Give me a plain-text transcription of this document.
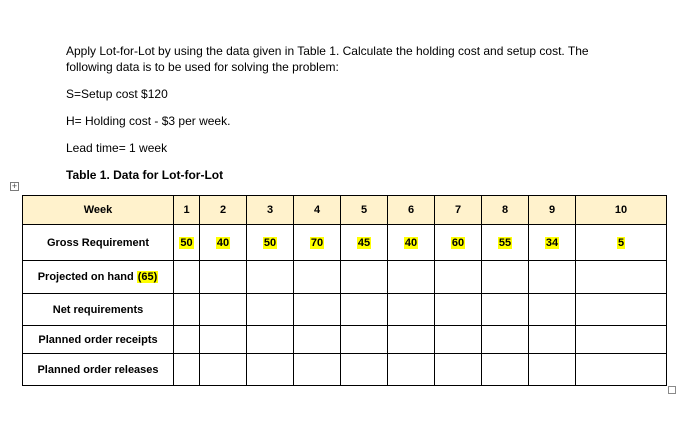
Apply Lot-for-Lot by using the data given in Table 1. Calculate the holding cost and setup cost. The following data is to be used for solving the problem:

S=Setup cost $120

H= Holding cost - $3 per week.

Lead time= 1 week

Table 1. Data for Lot-for-Lot

+
Week	1	2	3	4	5	6	7	8	9	10
Gross Requirement	50	40	50	70	45	40	60	55	34	5
Projected on hand (65)										
Net requirements										
Planned order receipts										
Planned order releases										
